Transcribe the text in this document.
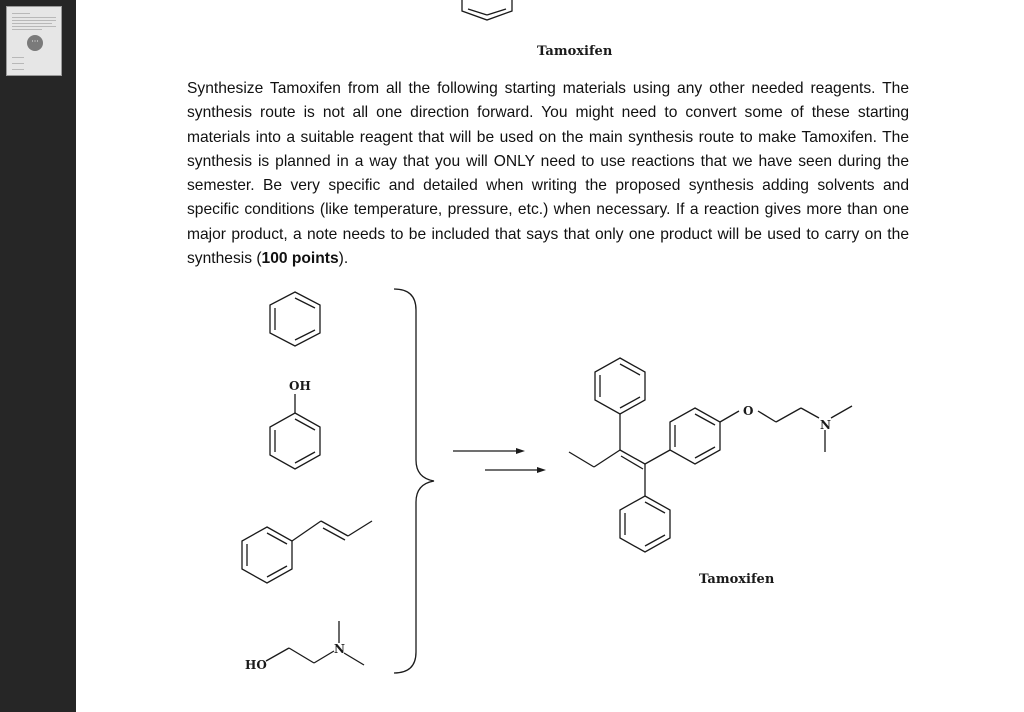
···
OH
HO
N
O
N
Tamoxifen
Synthesize Tamoxifen from all the following starting materials using any other needed reagents. The synthesis route is not all one direction forward. You might need to convert some of these starting materials into a suitable reagent that will be used on the main synthesis route to make Tamoxifen. The synthesis is planned in a way that you will ONLY need to use reactions that we have seen during the semester. Be very specific and detailed when writing the proposed synthesis adding solvents and specific conditions (like temperature, pressure, etc.) when necessary. If a reaction gives more than one major product, a note needs to be included that says that only one product will be used to carry on the synthesis (100 points).
Tamoxifen
